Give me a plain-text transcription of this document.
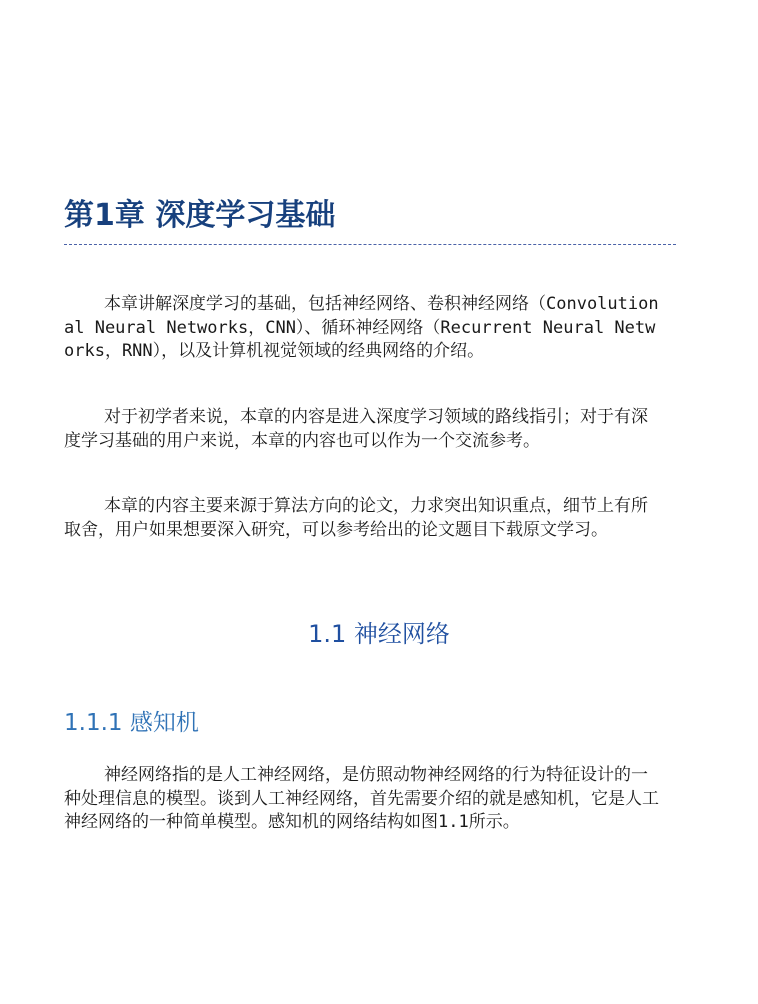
第1章 深度学习基础

本章讲解深度学习的基础，包括神经网络、卷积神经网络（Convolutional Neural Networks，CNN）、循环神经网络（Recurrent Neural Networks，RNN），以及计算机视觉领域的经典网络的介绍。

对于初学者来说，本章的内容是进入深度学习领域的路线指引；对于有深度学习基础的用户来说，本章的内容也可以作为一个交流参考。

本章的内容主要来源于算法方向的论文，力求突出知识重点，细节上有所取舍，用户如果想要深入研究，可以参考给出的论文题目下载原文学习。

1.1 神经网络
1.1.1 感知机

神经网络指的是人工神经网络，是仿照动物神经网络的行为特征设计的一种处理信息的模型。谈到人工神经网络，首先需要介绍的就是感知机，它是人工神经网络的一种简单模型。感知机的网络结构如图1.1所示。
